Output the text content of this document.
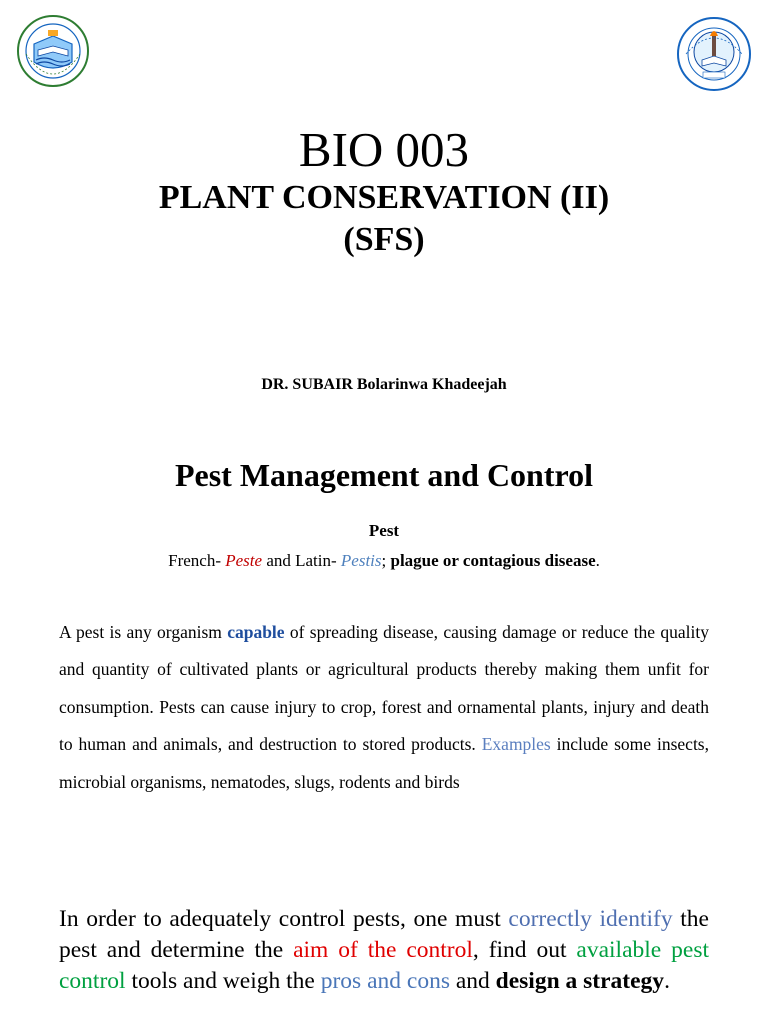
BIO 003
PLANT CONSERVATION (II)
(SFS)
DR. SUBAIR Bolarinwa Khadeejah
Pest Management and Control
Pest
French- Peste and Latin- Pestis; plague or contagious disease.
A pest is any organism capable of spreading disease, causing damage or reduce the quality and quantity of cultivated plants or agricultural products thereby making them unfit for consumption. Pests can cause injury to crop, forest and ornamental plants, injury and death to human and animals, and destruction to stored products. Examples include some insects, microbial organisms, nematodes, slugs, rodents and birds
In order to adequately control pests, one must correctly identify the pest and determine the aim of the control, find out available pest control tools and weigh the pros and cons and design a strategy.
